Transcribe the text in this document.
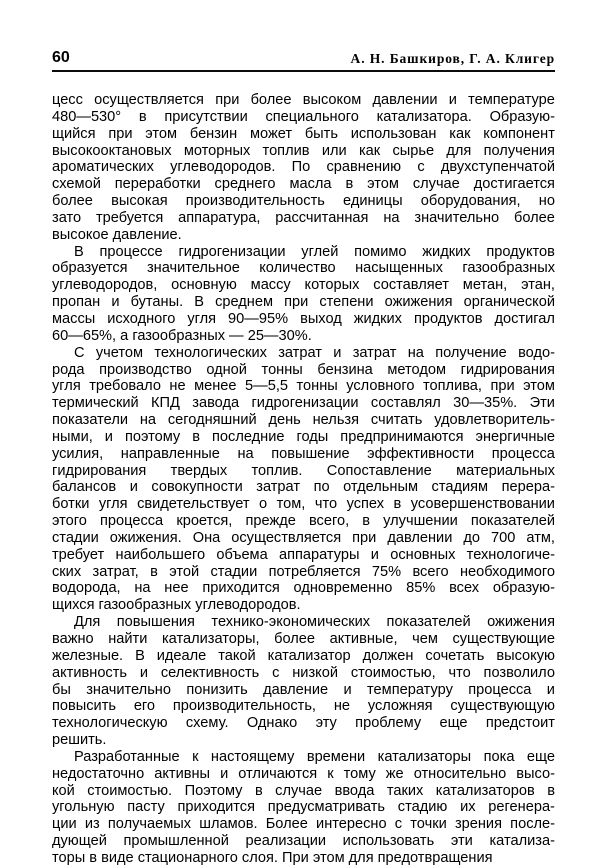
60	А. Н. Башкиров, Г. А. Клигер
цесс осуществляется при более высоком давлении и температуре
480—530° в присутствии специального катализатора. Образую-
щийся при этом бензин может быть использован как компонент
высокооктановых моторных топлив или как сырье для получения
ароматических углеводородов. По сравнению с двухступенчатой
схемой переработки среднего масла в этом случае достигается
более высокая производительность единицы оборудования, но
зато требуется аппаратура, рассчитанная на значительно более
высокое давление.
В процессе гидрогенизации углей помимо жидких продуктов
образуется значительное количество насыщенных газообразных
углеводородов, основную массу которых составляет метан, этан,
пропан и бутаны. В среднем при степени ожижения органической
массы исходного угля 90—95% выход жидких продуктов достигал
60—65%, а газообразных — 25—30%.
С учетом технологических затрат и затрат на получение водо-
рода производство одной тонны бензина методом гидрирования
угля требовало не менее 5—5,5 тонны условного топлива, при этом
термический КПД завода гидрогенизации составлял 30—35%. Эти
показатели на сегодняшний день нельзя считать удовлетворитель-
ными, и поэтому в последние годы предпринимаются энергичные
усилия, направленные на повышение эффективности процесса
гидрирования твердых топлив. Сопоставление материальных
балансов и совокупности затрат по отдельным стадиям перера-
ботки угля свидетельствует о том, что успех в усовершенствовании
этого процесса кроется, прежде всего, в улучшении показателей
стадии ожижения. Она осуществляется при давлении до 700 атм,
требует наибольшего объема аппаратуры и основных технологиче-
ских затрат, в этой стадии потребляется 75% всего необходимого
водорода, на нее приходится одновременно 85% всех образую-
щихся газообразных углеводородов.
Для повышения технико-экономических показателей ожижения
важно найти катализаторы, более активные, чем существующие
железные. В идеале такой катализатор должен сочетать высокую
активность и селективность с низкой стоимостью, что позволило
бы значительно понизить давление и температуру процесса и
повысить его производительность, не усложняя существующую
технологическую схему. Однако эту проблему еще предстоит
решить.
Разработанные к настоящему времени катализаторы пока еще
недостаточно активны и отличаются к тому же относительно высо-
кой стоимостью. Поэтому в случае ввода таких катализаторов в
угольную пасту приходится предусматривать стадию их регенера-
ции из получаемых шламов. Более интересно с точки зрения после-
дующей промышленной реализации использовать эти катализа-
торы в виде стационарного слоя. При этом для предотвращения
